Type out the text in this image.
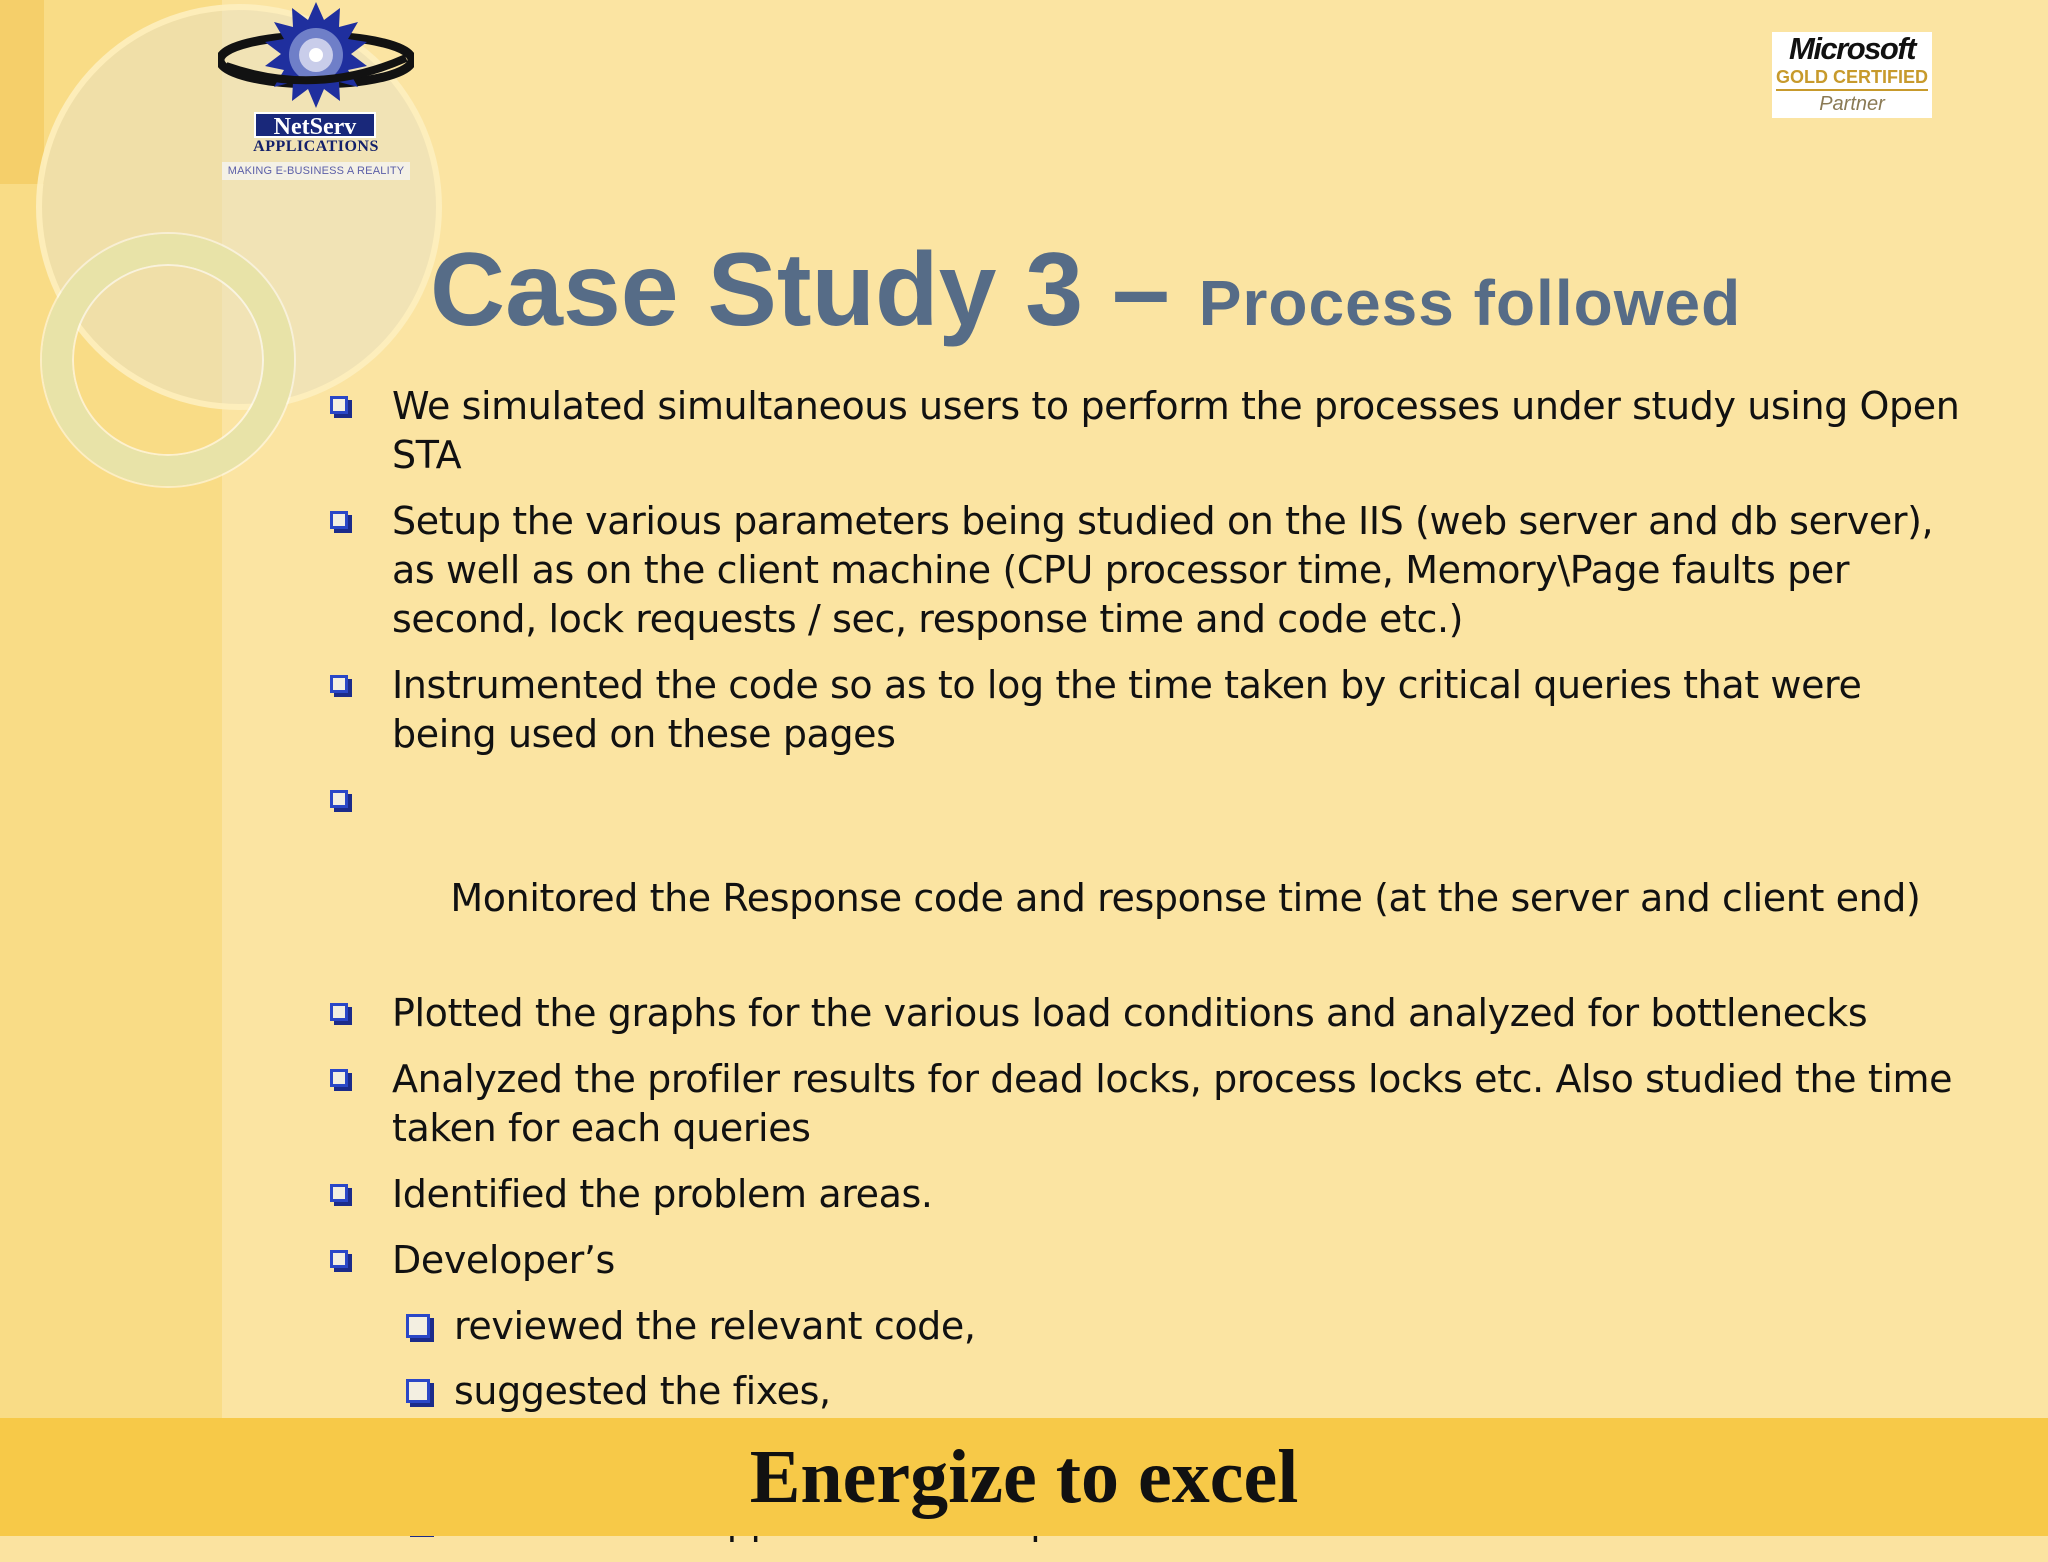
NetServ
APPLICATIONS
MAKING E-BUSINESS A REALITY
Microsoft
GOLD CERTIFIED
Partner
Case Study 3 – Process followed
We simulated simultaneous users to perform the processes under study using Open STA
Setup the various parameters being studied on the IIS (web server and db server), as well as on the client machine (CPU processor time, Memory\Page faults per second, lock requests / sec, response time and code etc.)
Instrumented the code so as to log the time taken by critical queries that were being used on these pages

Monitored the Response code and response time (at the server and client end)

Plotted the graphs for the various load conditions and analyzed for bottlenecks
Analyzed the profiler results for dead locks, process locks etc. Also studied the time taken for each queries
Identified the problem areas.
Developer’s
reviewed the relevant code,
suggested the fixes,
Energize to excel
